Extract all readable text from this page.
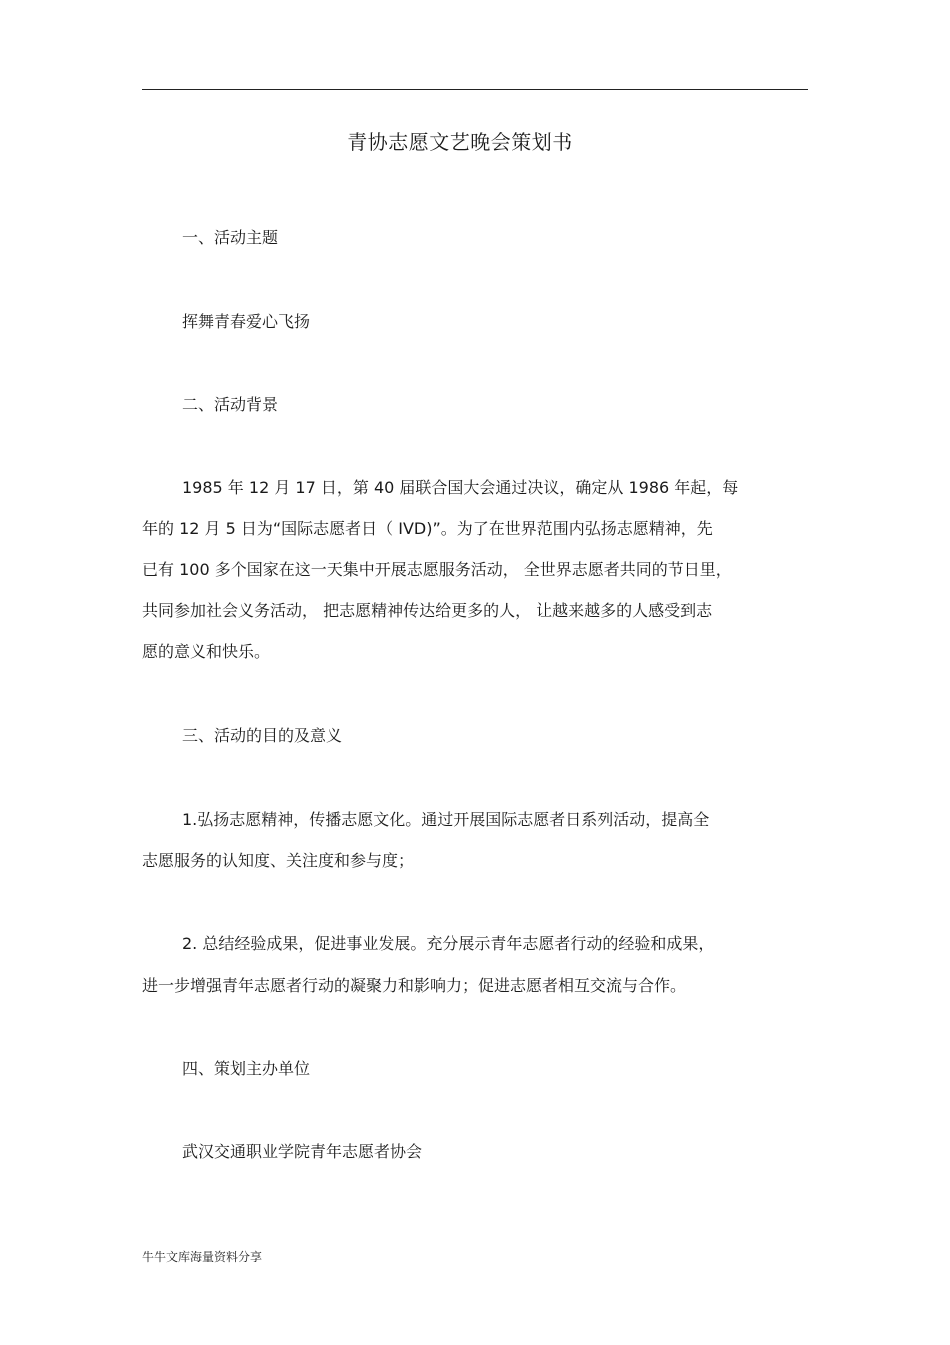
青协志愿文艺晚会策划书
一、活动主题
挥舞青春爱心飞扬
二、活动背景
1985 年 12 月 17 日，第 40 届联合国大会通过决议，确定从 1986 年起，每
年的 12 月 5 日为“国际志愿者日（ IVD)”。为了在世界范围内弘扬志愿精神，先
已有 100 多个国家在这一天集中开展志愿服务活动， 全世界志愿者共同的节日里，
共同参加社会义务活动， 把志愿精神传达给更多的人， 让越来越多的人感受到志
愿的意义和快乐。
三、活动的目的及意义
1.弘扬志愿精神，传播志愿文化。通过开展国际志愿者日系列活动，提高全
志愿服务的认知度、关注度和参与度；
2. 总结经验成果，促进事业发展。充分展示青年志愿者行动的经验和成果，
进一步增强青年志愿者行动的凝聚力和影响力；促进志愿者相互交流与合作。
四、策划主办单位
武汉交通职业学院青年志愿者协会
牛牛文库海量资料分享
